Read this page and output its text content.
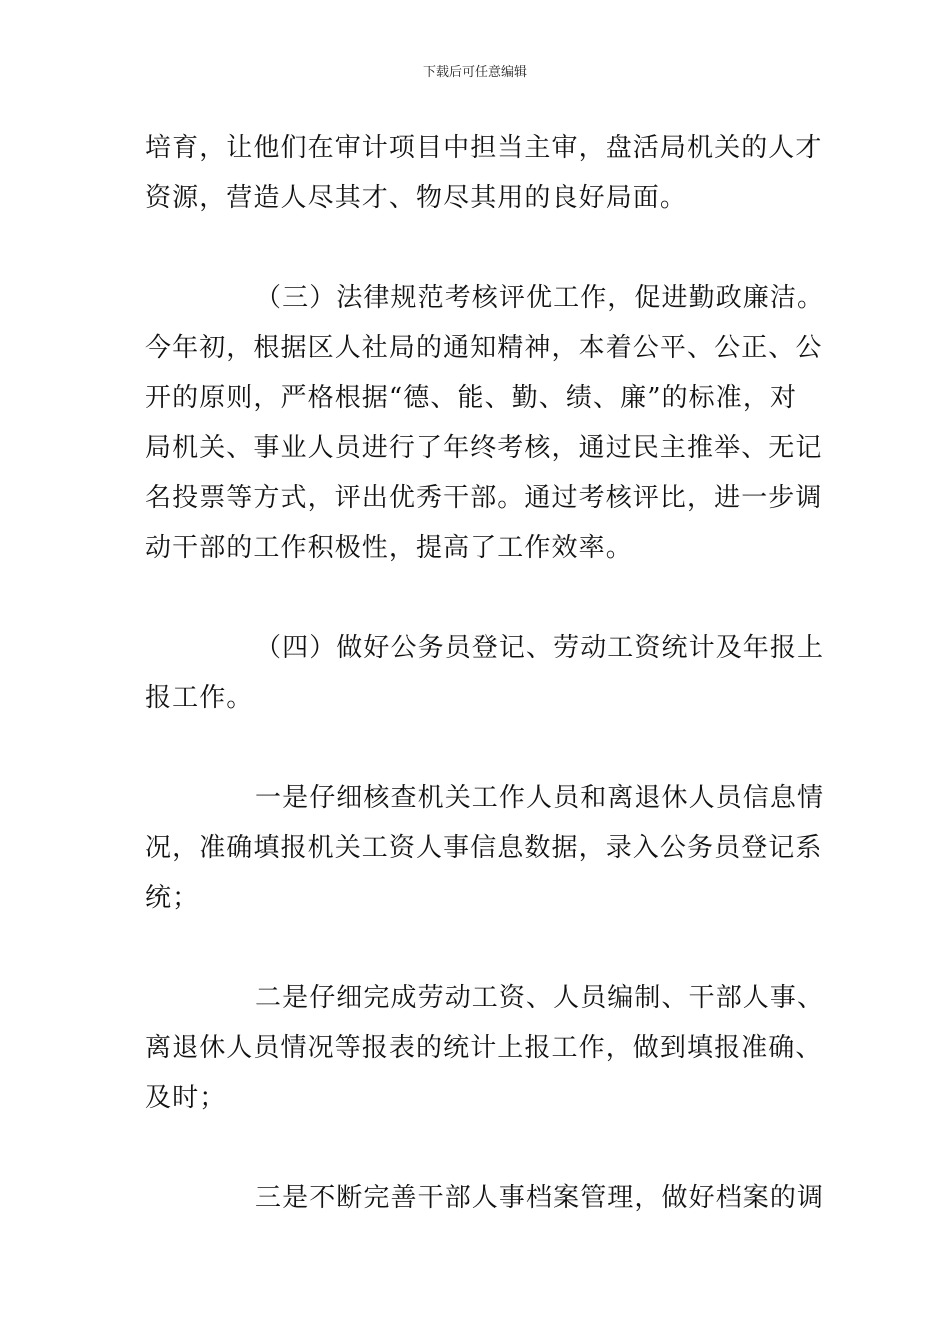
下载后可任意编辑

培育，让他们在审计项目中担当主审，盘活局机关的人才
资源，营造人尽其才、物尽其用的良好局面。

（三）法律规范考核评优工作，促进勤政廉洁。
今年初，根据区人社局的通知精神，本着公平、公正、公
开的原则，严格根据“德、能、勤、绩、廉”的标准，对
局机关、事业人员进行了年终考核，通过民主推举、无记
名投票等方式，评出优秀干部。通过考核评比，进一步调
动干部的工作积极性，提高了工作效率。

（四）做好公务员登记、劳动工资统计及年报上
报工作。

一是仔细核查机关工作人员和离退休人员信息情
况，准确填报机关工资人事信息数据，录入公务员登记系
统；

二是仔细完成劳动工资、人员编制、干部人事、
离退休人员情况等报表的统计上报工作，做到填报准确、
及时；

三是不断完善干部人事档案管理，做好档案的调
